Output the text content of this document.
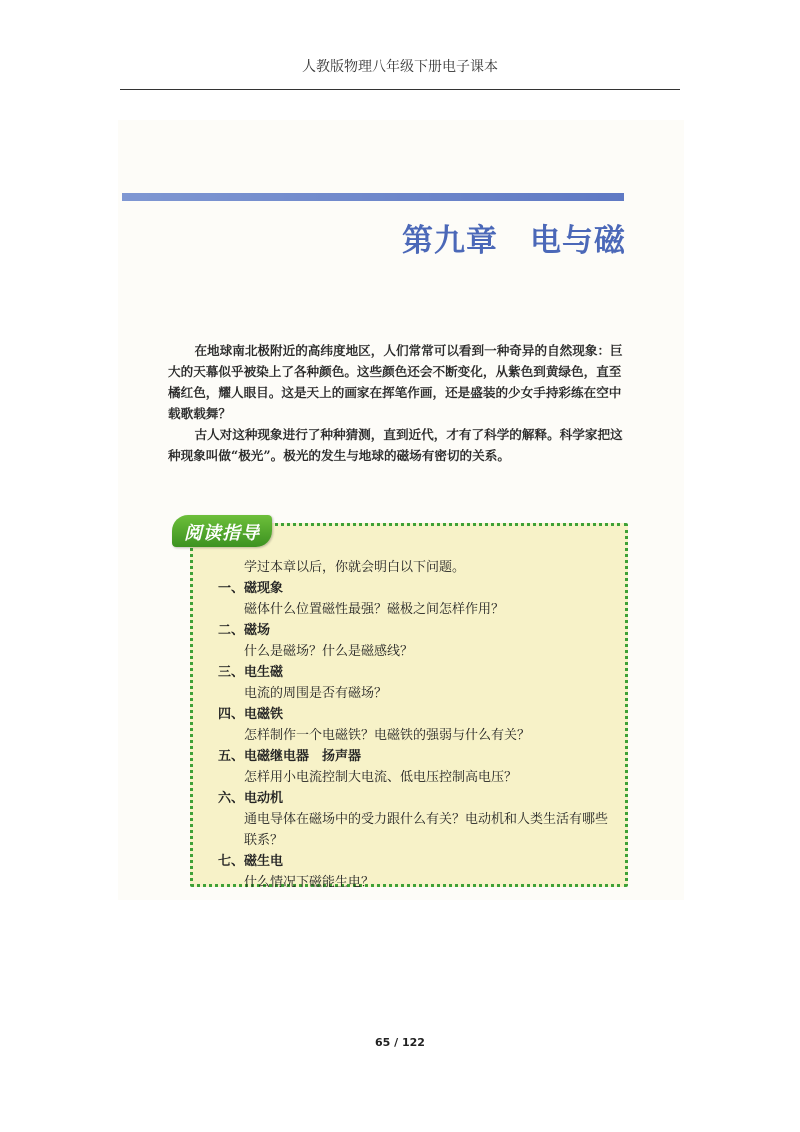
人教版物理八年级下册电子课本
第九章　电与磁

在地球南北极附近的高纬度地区，人们常常可以看到一种奇异的自然现象：巨大的天幕似乎被染上了各种颜色。这些颜色还会不断变化，从紫色到黄绿色，直至橘红色，耀人眼目。这是天上的画家在挥笔作画，还是盛装的少女手持彩练在空中载歌载舞？

古人对这种现象进行了种种猜测，直到近代，才有了科学的解释。科学家把这种现象叫做“极光”。极光的发生与地球的磁场有密切的关系。

阅读指导
学过本章以后，你就会明白以下问题。
一、磁现象
磁体什么位置磁性最强？磁极之间怎样作用？
二、磁场
什么是磁场？什么是磁感线？
三、电生磁
电流的周围是否有磁场？
四、电磁铁
怎样制作一个电磁铁？电磁铁的强弱与什么有关？
五、电磁继电器　扬声器
怎样用小电流控制大电流、低电压控制高电压？
六、电动机
通电导体在磁场中的受力跟什么有关？电动机和人类生活有哪些联系？
七、磁生电
什么情况下磁能生电？
65 / 122
